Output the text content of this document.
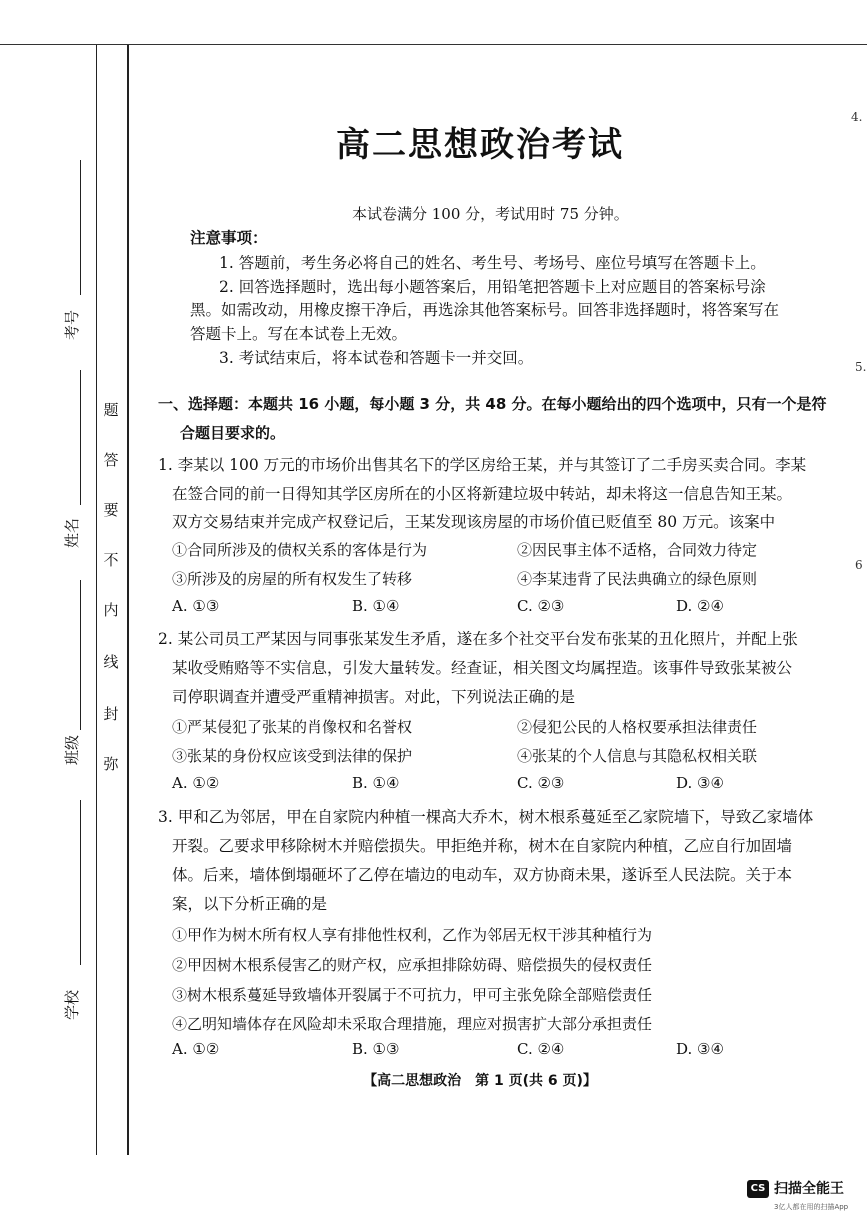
考号
姓名
班级
学校
题
答
要
不
内
线
封
弥
高二思想政治考试
本试卷满分 100 分，考试用时 75 分钟。
注意事项：
1. 答题前，考生务必将自己的姓名、考生号、考场号、座位号填写在答题卡上。
2. 回答选择题时，选出每小题答案后，用铅笔把答题卡上对应题目的答案标号涂
黑。如需改动，用橡皮擦干净后，再选涂其他答案标号。回答非选择题时，将答案写在
答题卡上。写在本试卷上无效。
3. 考试结束后，将本试卷和答题卡一并交回。
一、选择题：本题共 16 小题，每小题 3 分，共 48 分。在每小题给出的四个选项中，只有一个是符
合题目要求的。
1. 李某以 100 万元的市场价出售其名下的学区房给王某，并与其签订了二手房买卖合同。李某
在签合同的前一日得知其学区房所在的小区将新建垃圾中转站，却未将这一信息告知王某。
双方交易结束并完成产权登记后，王某发现该房屋的市场价值已贬值至 80 万元。该案中
①合同所涉及的债权关系的客体是行为	②因民事主体不适格，合同效力待定
③所涉及的房屋的所有权发生了转移	④李某违背了民法典确立的绿色原则
A. ①③	B. ①④	C. ②③	D. ②④
2. 某公司员工严某因与同事张某发生矛盾，遂在多个社交平台发布张某的丑化照片，并配上张
某收受贿赂等不实信息，引发大量转发。经查证，相关图文均属捏造。该事件导致张某被公
司停职调查并遭受严重精神损害。对此，下列说法正确的是
①严某侵犯了张某的肖像权和名誉权	②侵犯公民的人格权要承担法律责任
③张某的身份权应该受到法律的保护	④张某的个人信息与其隐私权相关联
A. ①②	B. ①④	C. ②③	D. ③④
3. 甲和乙为邻居，甲在自家院内种植一棵高大乔木，树木根系蔓延至乙家院墙下，导致乙家墙体
开裂。乙要求甲移除树木并赔偿损失。甲拒绝并称，树木在自家院内种植，乙应自行加固墙
体。后来，墙体倒塌砸坏了乙停在墙边的电动车，双方协商未果，遂诉至人民法院。关于本
案，以下分析正确的是
①甲作为树木所有权人享有排他性权利，乙作为邻居无权干涉其种植行为
②甲因树木根系侵害乙的财产权，应承担排除妨碍、赔偿损失的侵权责任
③树木根系蔓延导致墙体开裂属于不可抗力，甲可主张免除全部赔偿责任
④乙明知墙体存在风险却未采取合理措施，理应对损害扩大部分承担责任
A. ①②	B. ①③	C. ②④	D. ③④
【高二思想政治　第 1 页(共 6 页)】
4.
5.
6
CS 扫描全能王
3亿人都在用的扫描App
